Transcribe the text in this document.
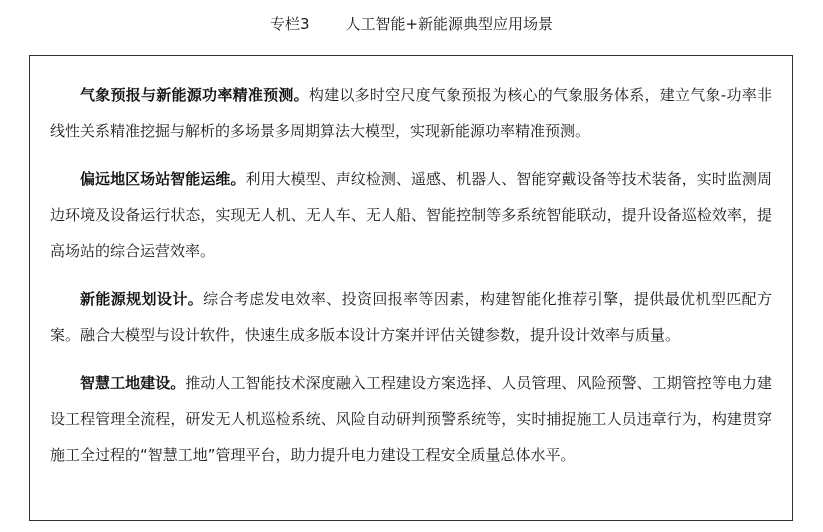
专栏3 人工智能+新能源典型应用场景

气象预报与新能源功率精准预测。构建以多时空尺度气象预报为核心的气象服务体系，建立气象-功率非线性关系精准挖掘与解析的多场景多周期算法大模型，实现新能源功率精准预测。

偏远地区场站智能运维。利用大模型、声纹检测、遥感、机器人、智能穿戴设备等技术装备，实时监测周边环境及设备运行状态，实现无人机、无人车、无人船、智能控制等多系统智能联动，提升设备巡检效率，提高场站的综合运营效率。

新能源规划设计。综合考虑发电效率、投资回报率等因素，构建智能化推荐引擎，提供最优机型匹配方案。融合大模型与设计软件，快速生成多版本设计方案并评估关键参数，提升设计效率与质量。

智慧工地建设。推动人工智能技术深度融入工程建设方案选择、人员管理、风险预警、工期管控等电力建设工程管理全流程，研发无人机巡检系统、风险自动研判预警系统等，实时捕捉施工人员违章行为，构建贯穿施工全过程的“智慧工地”管理平台，助力提升电力建设工程安全质量总体水平。
